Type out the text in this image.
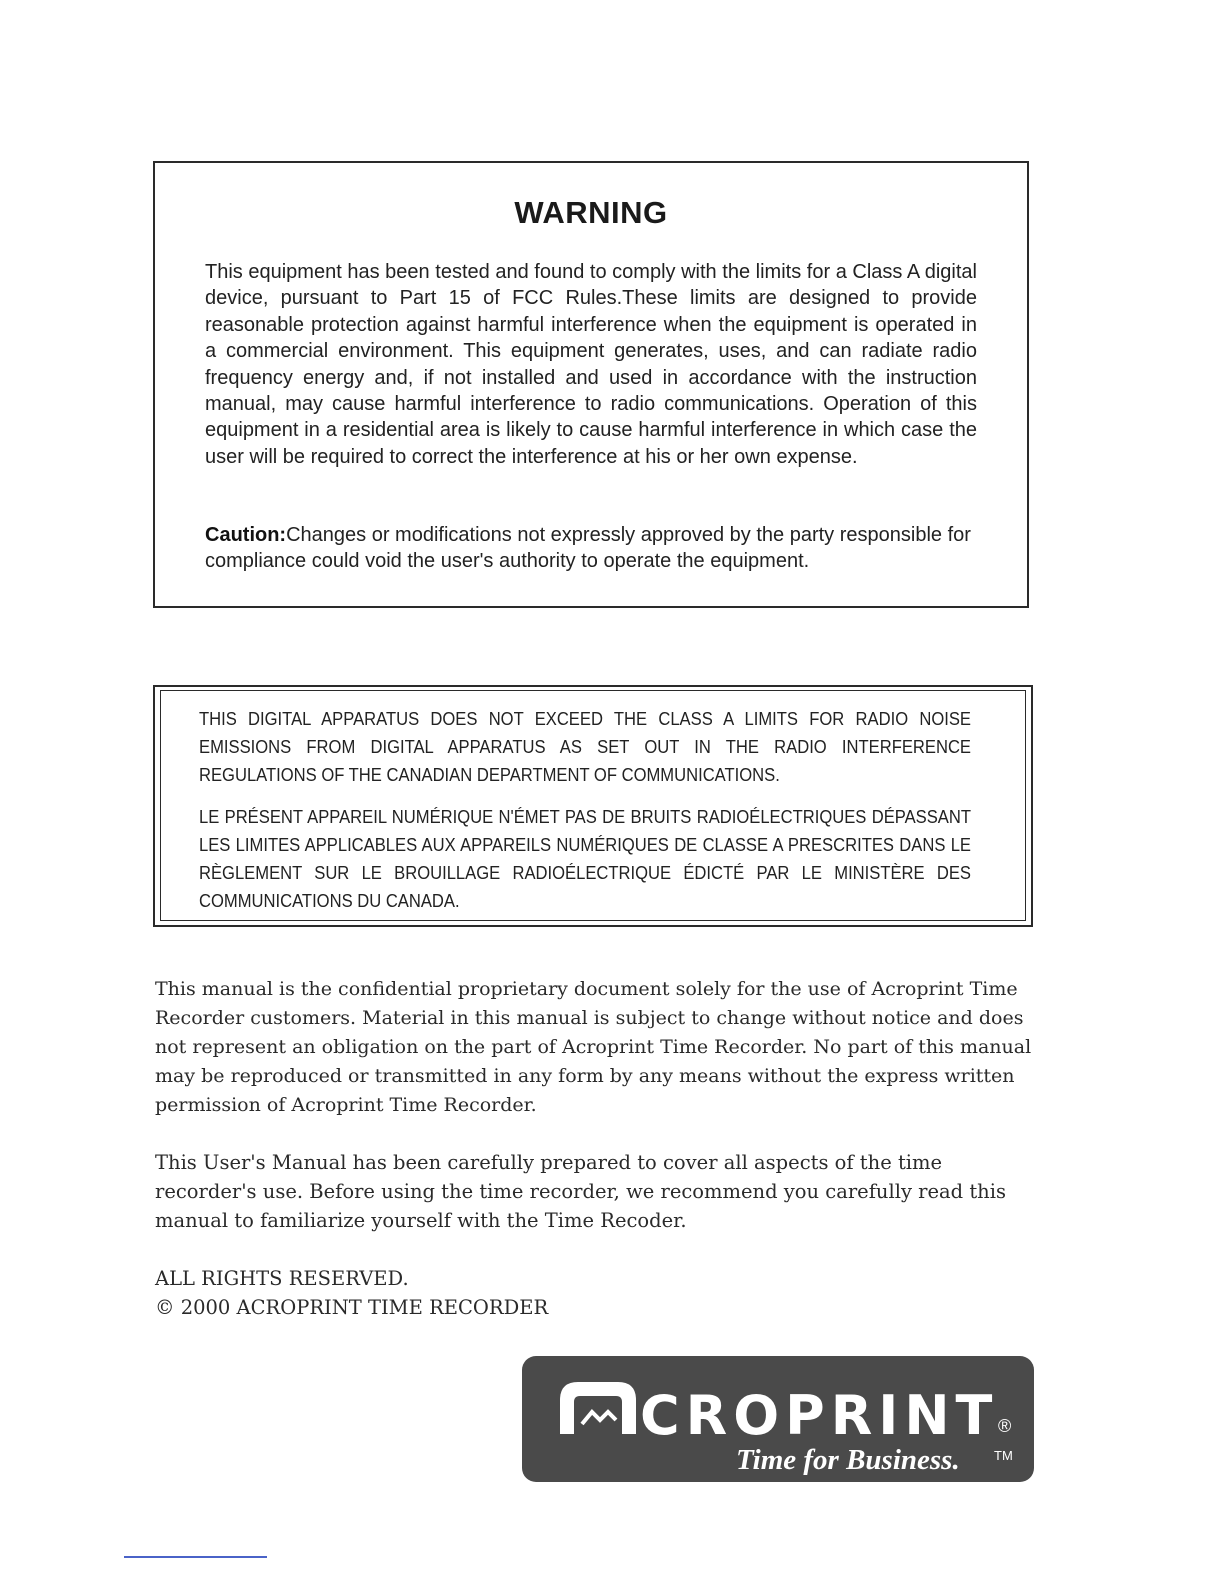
WARNING

This equipment has been tested and found to comply with the limits for a Class A digital device, pursuant to Part 15 of FCC Rules.These limits are designed to provide reasonable protection against harmful interference when the equipment is operated in a commercial environment. This equipment generates, uses, and can radiate radio frequency energy and, if not installed and used in accordance with the instruction manual, may cause harmful interference to radio communications. Operation of this equipment in a residential area is likely to cause harmful interference in which case the user will be required to correct the interference at his or her own expense.

Caution:Changes or modifications not expressly approved by the party responsible for compliance could void the user's authority to operate the equipment.

THIS DIGITAL APPARATUS DOES NOT EXCEED THE CLASS A LIMITS FOR RADIO NOISE EMISSIONS FROM DIGITAL APPARATUS AS SET OUT IN THE RADIO INTERFERENCE REGULATIONS OF THE CANADIAN DEPARTMENT OF COMMUNICATIONS.

LE PRÉSENT APPAREIL NUMÉRIQUE N'ÉMET PAS DE BRUITS RADIOÉLECTRIQUES DÉPASSANT LES LIMITES APPLICABLES AUX APPAREILS NUMÉRIQUES DE CLASSE A PRESCRITES DANS LE RÈGLEMENT SUR LE BROUILLAGE RADIOÉLECTRIQUE ÉDICTÉ PAR LE MINISTÈRE DES COMMUNICATIONS DU CANADA.

This manual is the confidential proprietary document solely for the use of Acroprint Time Recorder customers. Material in this manual is subject to change without notice and does not represent an obligation on the part of Acroprint Time Recorder. No part of this manual may be reproduced or transmitted in any form by any means without the express written permission of Acroprint Time Recorder.

This User's Manual has been carefully prepared to cover all aspects of the time recorder's use. Before using the time recorder, we recommend you carefully read this manual to familiarize yourself with the Time Recoder.

ALL RIGHTS RESERVED.
© 2000 ACROPRINT TIME RECORDER
CROPRINT ®
Time for Business.	TM
